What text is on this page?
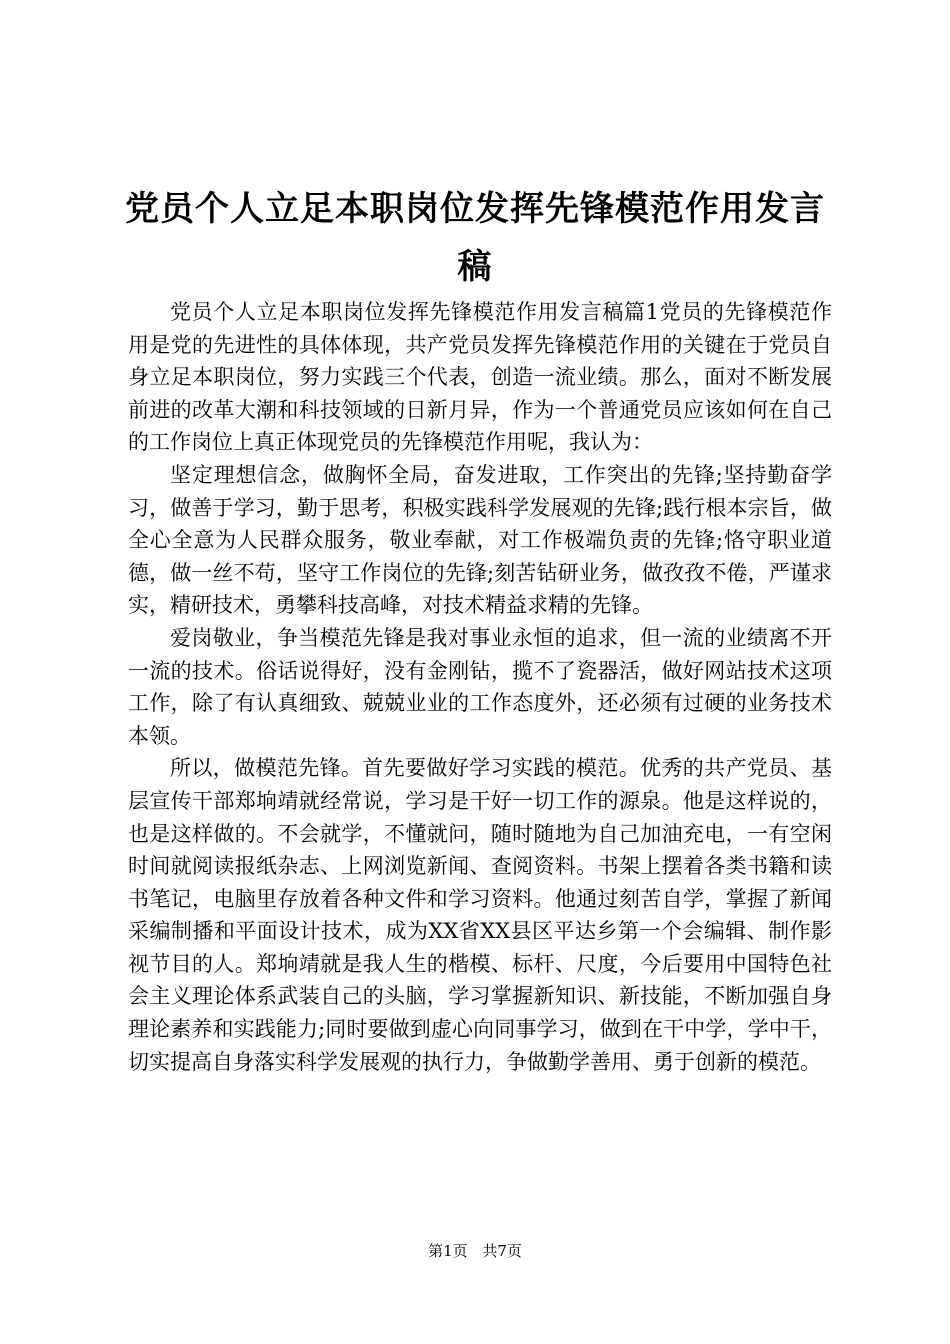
党员个人立足本职岗位发挥先锋模范作用发言稿

党员个人立足本职岗位发挥先锋模范作用发言稿篇1党员的先锋模范作用是党的先进性的具体体现，共产党员发挥先锋模范作用的关键在于党员自身立足本职岗位，努力实践三个代表，创造一流业绩。那么，面对不断发展前进的改革大潮和科技领域的日新月异，作为一个普通党员应该如何在自己的工作岗位上真正体现党员的先锋模范作用呢，我认为：

坚定理想信念，做胸怀全局，奋发进取，工作突出的先锋;坚持勤奋学习，做善于学习，勤于思考，积极实践科学发展观的先锋;践行根本宗旨，做全心全意为人民群众服务，敬业奉献，对工作极端负责的先锋;恪守职业道德，做一丝不苟，坚守工作岗位的先锋;刻苦钻研业务，做孜孜不倦，严谨求实，精研技术，勇攀科技高峰，对技术精益求精的先锋。

爱岗敬业，争当模范先锋是我对事业永恒的追求，但一流的业绩离不开一流的技术。俗话说得好，没有金刚钻，揽不了瓷器活，做好网站技术这项工作，除了有认真细致、兢兢业业的工作态度外，还必须有过硬的业务技术本领。

所以，做模范先锋。首先要做好学习实践的模范。优秀的共产党员、基层宣传干部郑垧靖就经常说，学习是干好一切工作的源泉。他是这样说的，也是这样做的。不会就学，不懂就问，随时随地为自己加油充电，一有空闲时间就阅读报纸杂志、上网浏览新闻、查阅资料。书架上摆着各类书籍和读书笔记，电脑里存放着各种文件和学习资料。他通过刻苦自学，掌握了新闻采编制播和平面设计技术，成为XX省XX县区平达乡第一个会编辑、制作影视节目的人。郑垧靖就是我人生的楷模、标杆、尺度，今后要用中国特色社会主义理论体系武装自己的头脑，学习掌握新知识、新技能，不断加强自身理论素养和实践能力;同时要做到虚心向同事学习，做到在干中学，学中干，切实提高自身落实科学发展观的执行力，争做勤学善用、勇于创新的模范。

第1页 共7页
